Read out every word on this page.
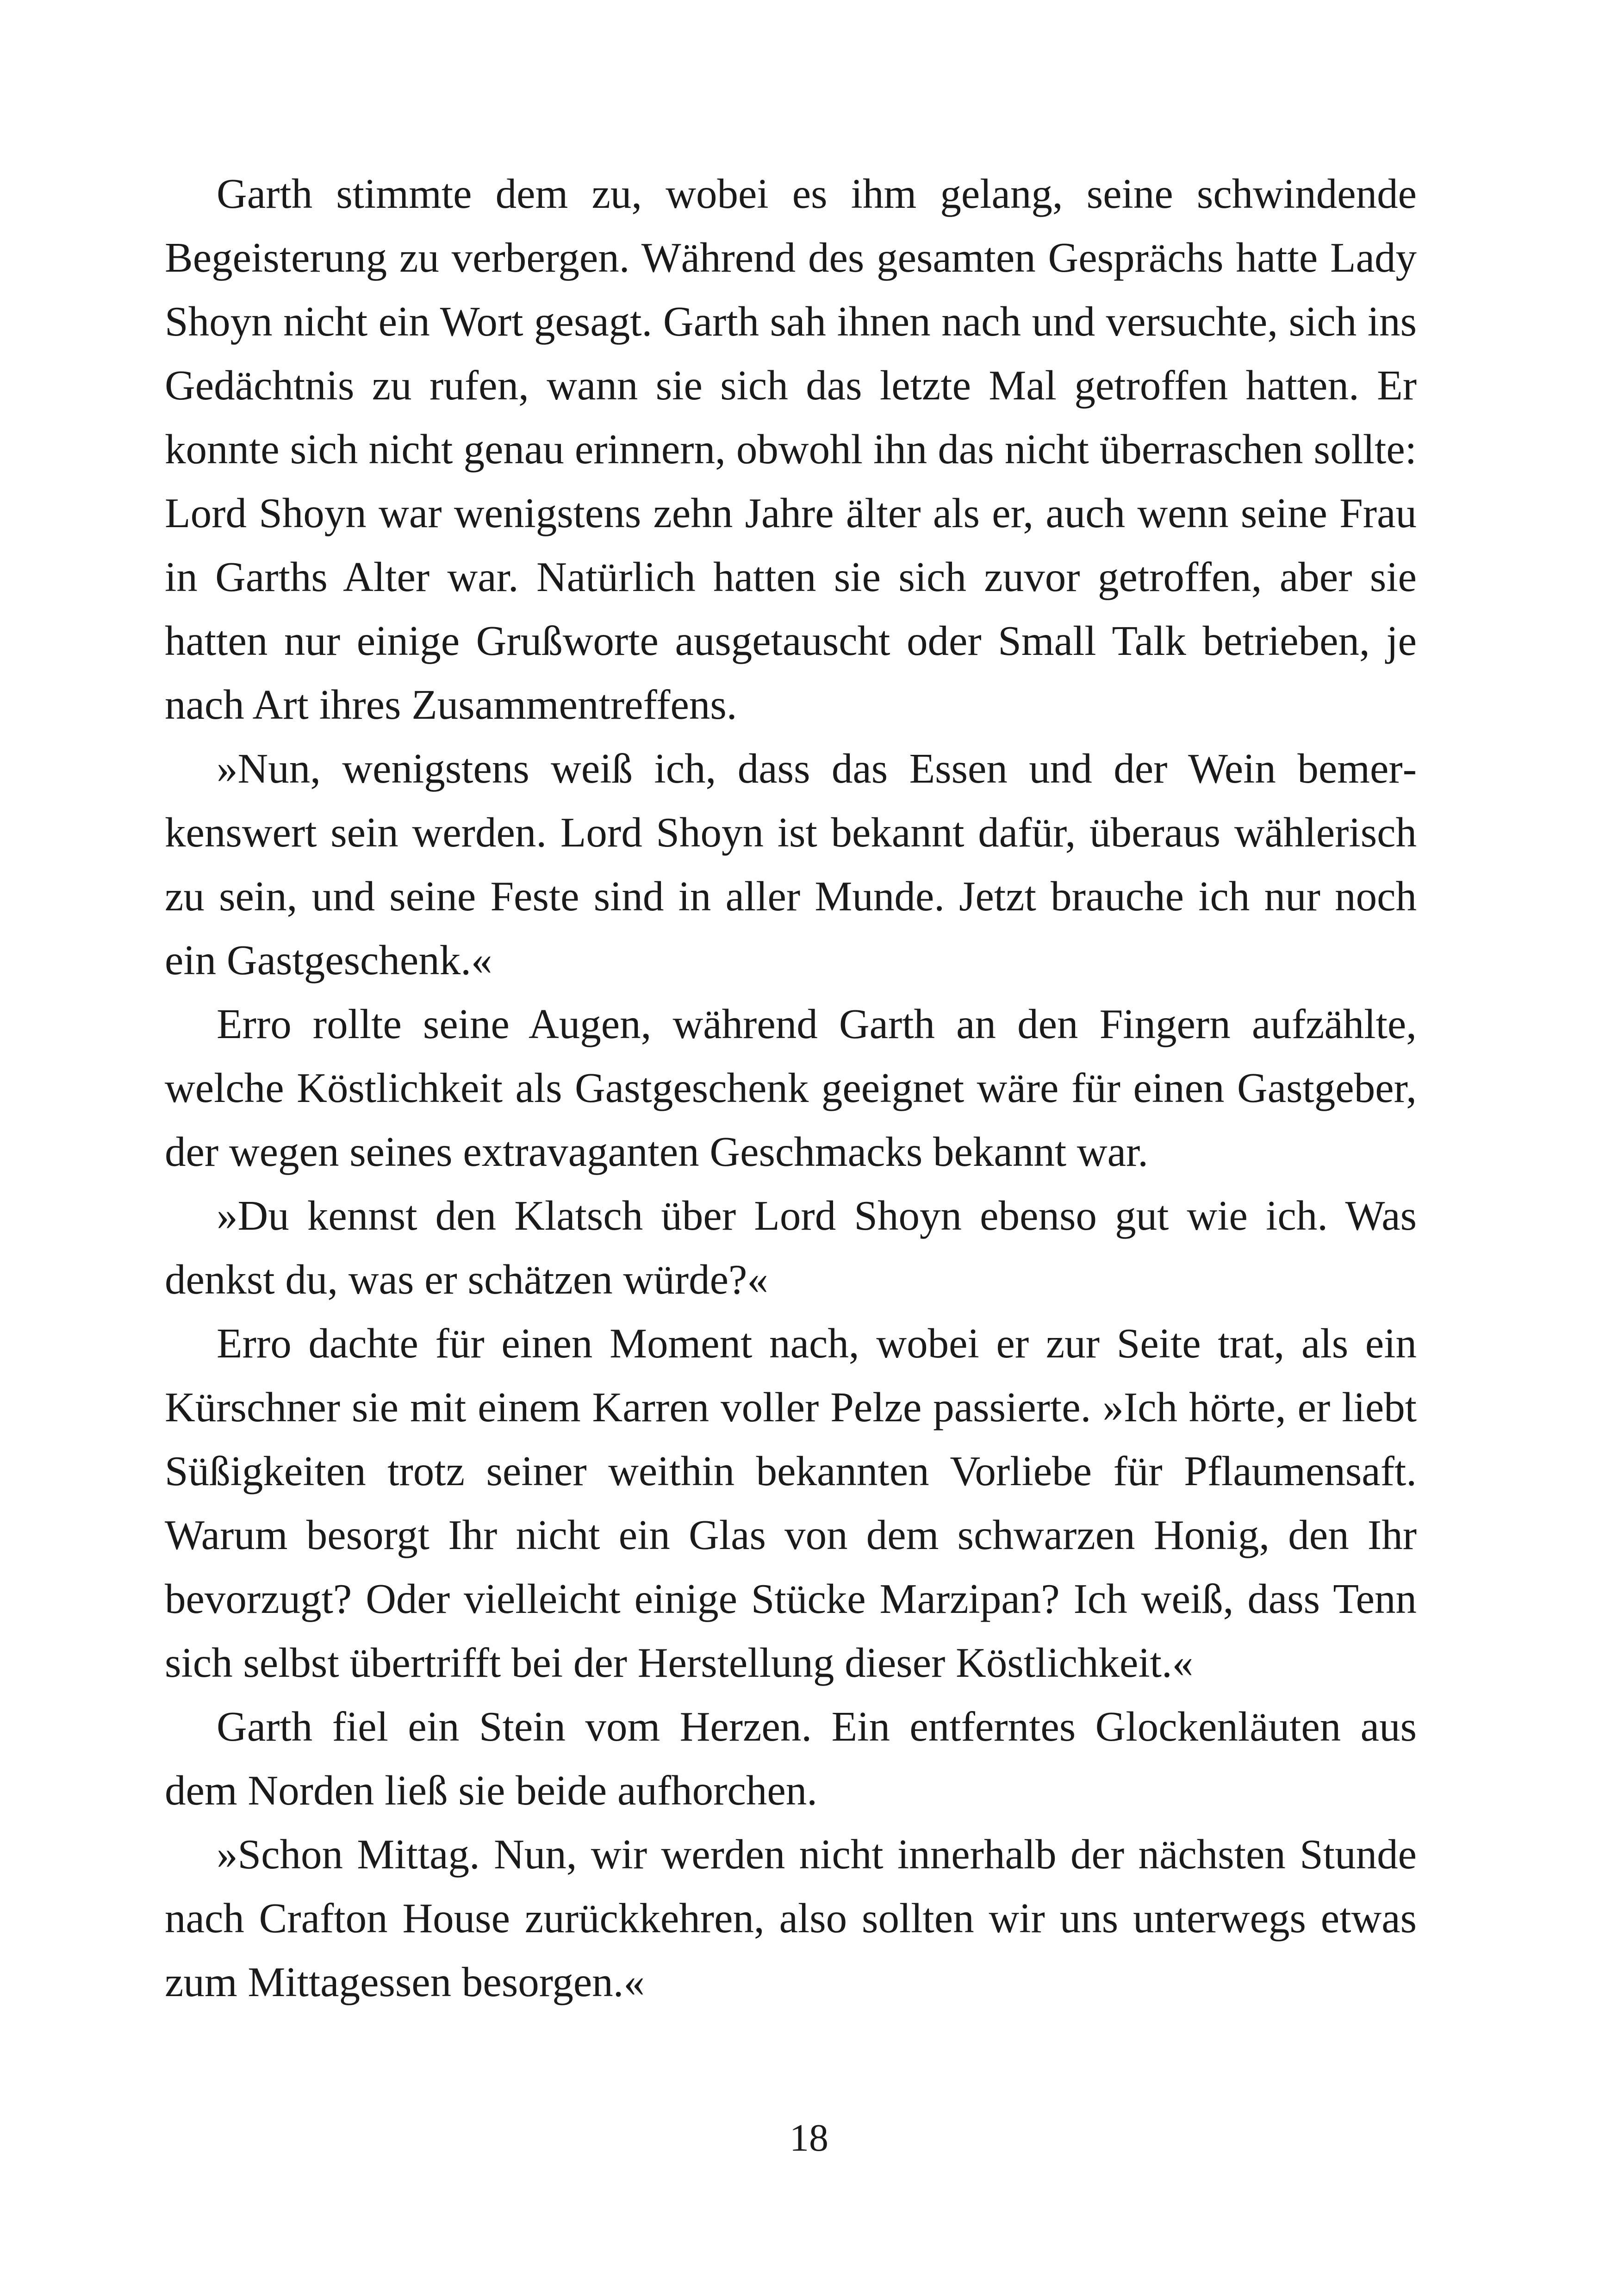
Garth stimmte dem zu, wobei es ihm gelang, seine schwindende Begeisterung zu verbergen. Während des gesamten Gesprächs hatte Lady Shoyn nicht ein Wort gesagt. Garth sah ihnen nach und versuchte, sich ins Gedächtnis zu rufen, wann sie sich das letzte Mal getroffen hatten. Er konnte sich nicht genau erinnern, obwohl ihn das nicht überraschen sollte: Lord Shoyn war wenigstens zehn Jahre älter als er, auch wenn seine Frau in Garths Alter war. Natürlich hatten sie sich zuvor getroffen, aber sie hatten nur einige Grußworte ausgetauscht oder Small Talk betrieben, je nach Art ihres Zusammentreffens.

»Nun, wenigstens weiß ich, dass das Essen und der Wein bemerkenswert sein werden. Lord Shoyn ist bekannt dafür, überaus wählerisch zu sein, und seine Feste sind in aller Munde. Jetzt brauche ich nur noch ein Gastgeschenk.«

Erro rollte seine Augen, während Garth an den Fingern aufzählte, welche Köstlichkeit als Gastgeschenk geeignet wäre für einen Gastgeber, der wegen seines extravaganten Geschmacks bekannt war.

»Du kennst den Klatsch über Lord Shoyn ebenso gut wie ich. Was denkst du, was er schätzen würde?«

Erro dachte für einen Moment nach, wobei er zur Seite trat, als ein Kürschner sie mit einem Karren voller Pelze passierte. »Ich hörte, er liebt Süßigkeiten trotz seiner weithin bekannten Vorliebe für Pflaumensaft. Warum besorgt Ihr nicht ein Glas von dem schwarzen Honig, den Ihr bevorzugt? Oder vielleicht einige Stücke Marzipan? Ich weiß, dass Tenn sich selbst übertrifft bei der Herstellung dieser Köstlichkeit.«

Garth fiel ein Stein vom Herzen. Ein entferntes Glockenläuten aus dem Norden ließ sie beide aufhorchen.

»Schon Mittag. Nun, wir werden nicht innerhalb der nächsten Stunde nach Crafton House zurückkehren, also sollten wir uns unterwegs etwas zum Mittagessen besorgen.«

18
